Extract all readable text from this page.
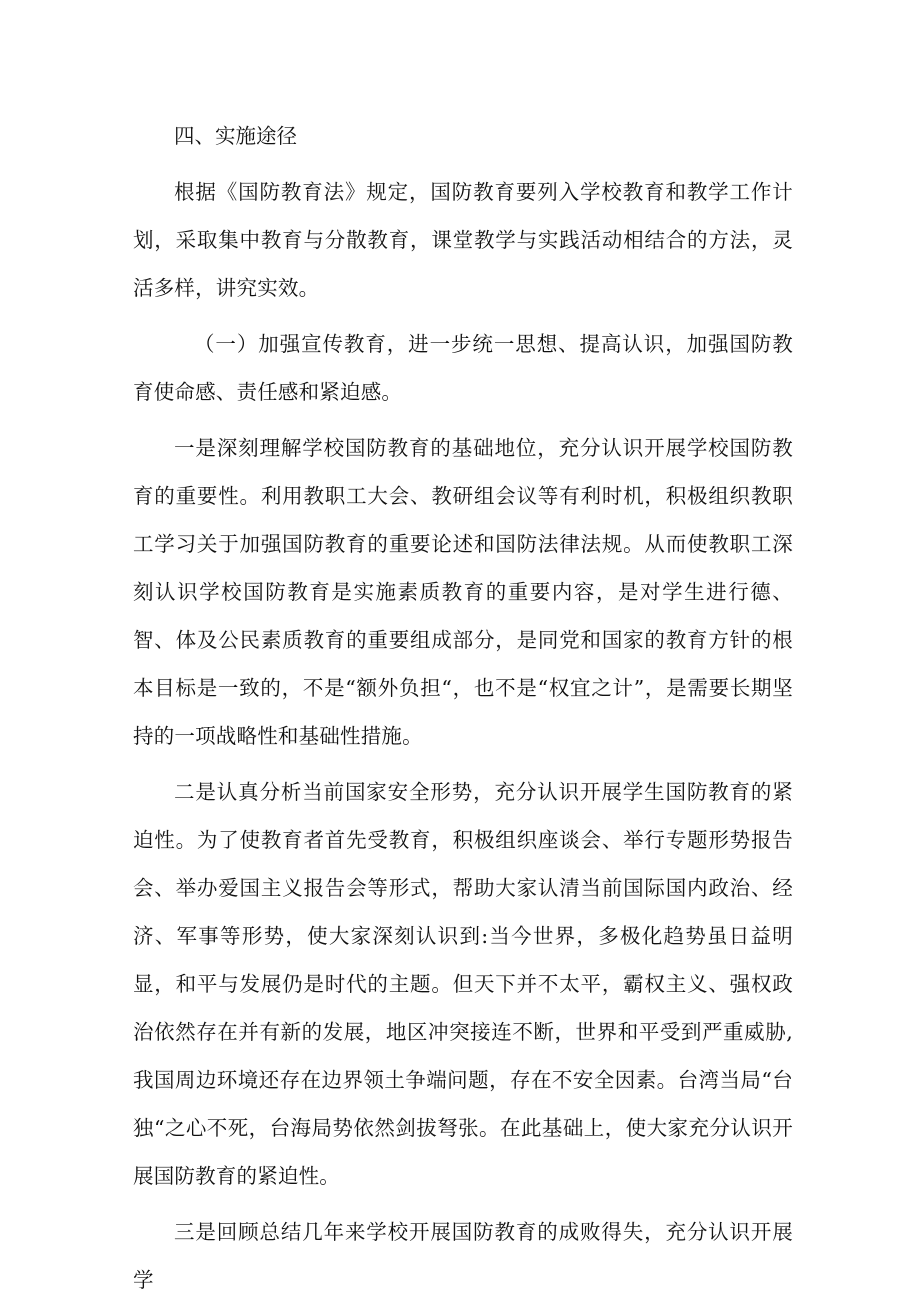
四、实施途径

根据《国防教育法》规定，国防教育要列入学校教育和教学工作计划，采取集中教育与分散教育，课堂教学与实践活动相结合的方法，灵活多样，讲究实效。

（一）加强宣传教育，进一步统一思想、提高认识，加强国防教育使命感、责任感和紧迫感。

一是深刻理解学校国防教育的基础地位，充分认识开展学校国防教育的重要性。利用教职工大会、教研组会议等有利时机，积极组织教职工学习关于加强国防教育的重要论述和国防法律法规。从而使教职工深刻认识学校国防教育是实施素质教育的重要内容，是对学生进行德、智、体及公民素质教育的重要组成部分，是同党和国家的教育方针的根本目标是一致的，不是“额外负担“，也不是“权宜之计”，是需要长期坚持的一项战略性和基础性措施。

二是认真分析当前国家安全形势，充分认识开展学生国防教育的紧迫性。为了使教育者首先受教育，积极组织座谈会、举行专题形势报告会、举办爱国主义报告会等形式，帮助大家认清当前国际国内政治、经济、军事等形势，使大家深刻认识到:当今世界，多极化趋势虽日益明显，和平与发展仍是时代的主题。但天下并不太平，霸权主义、强权政治依然存在并有新的发展，地区冲突接连不断，世界和平受到严重威胁,我国周边环境还存在边界领土争端问题，存在不安全因素。台湾当局“台独“之心不死，台海局势依然剑拔弩张。在此基础上，使大家充分认识开展国防教育的紧迫性。

三是回顾总结几年来学校开展国防教育的成败得失，充分认识开展学
